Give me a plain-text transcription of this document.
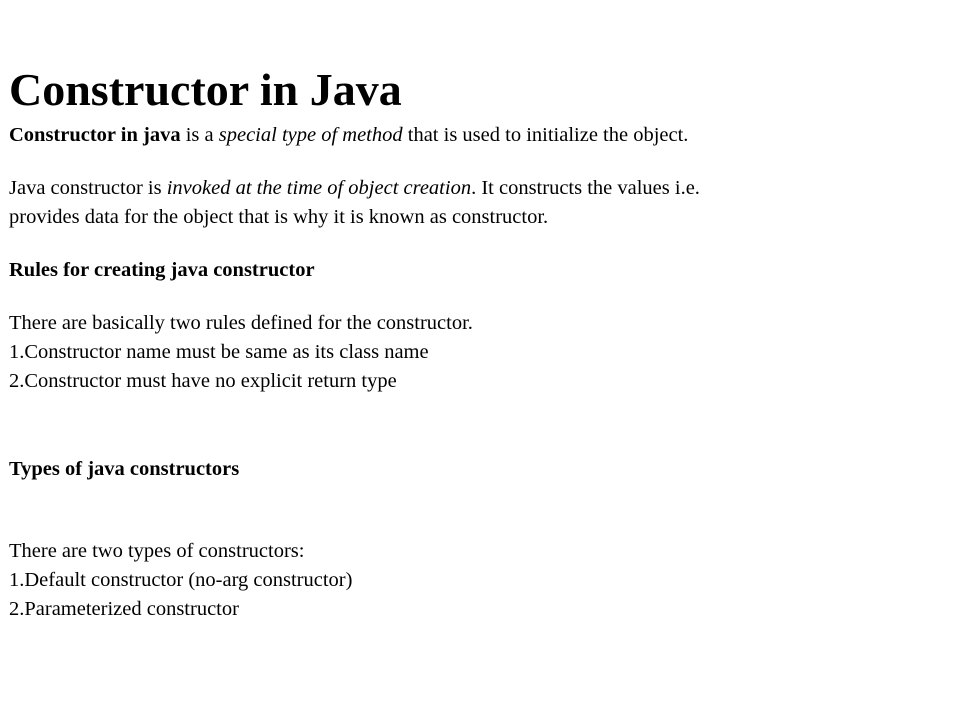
Constructor in Java

Constructor in java is a special type of method that is used to initialize the object.

Java constructor is invoked at the time of object creation. It constructs the values i.e.
provides data for the object that is why it is known as constructor.

Rules for creating java constructor

There are basically two rules defined for the constructor.
1.Constructor name must be same as its class name
2.Constructor must have no explicit return type

Types of java constructors

There are two types of constructors:
1.Default constructor (no-arg constructor)
2.Parameterized constructor
